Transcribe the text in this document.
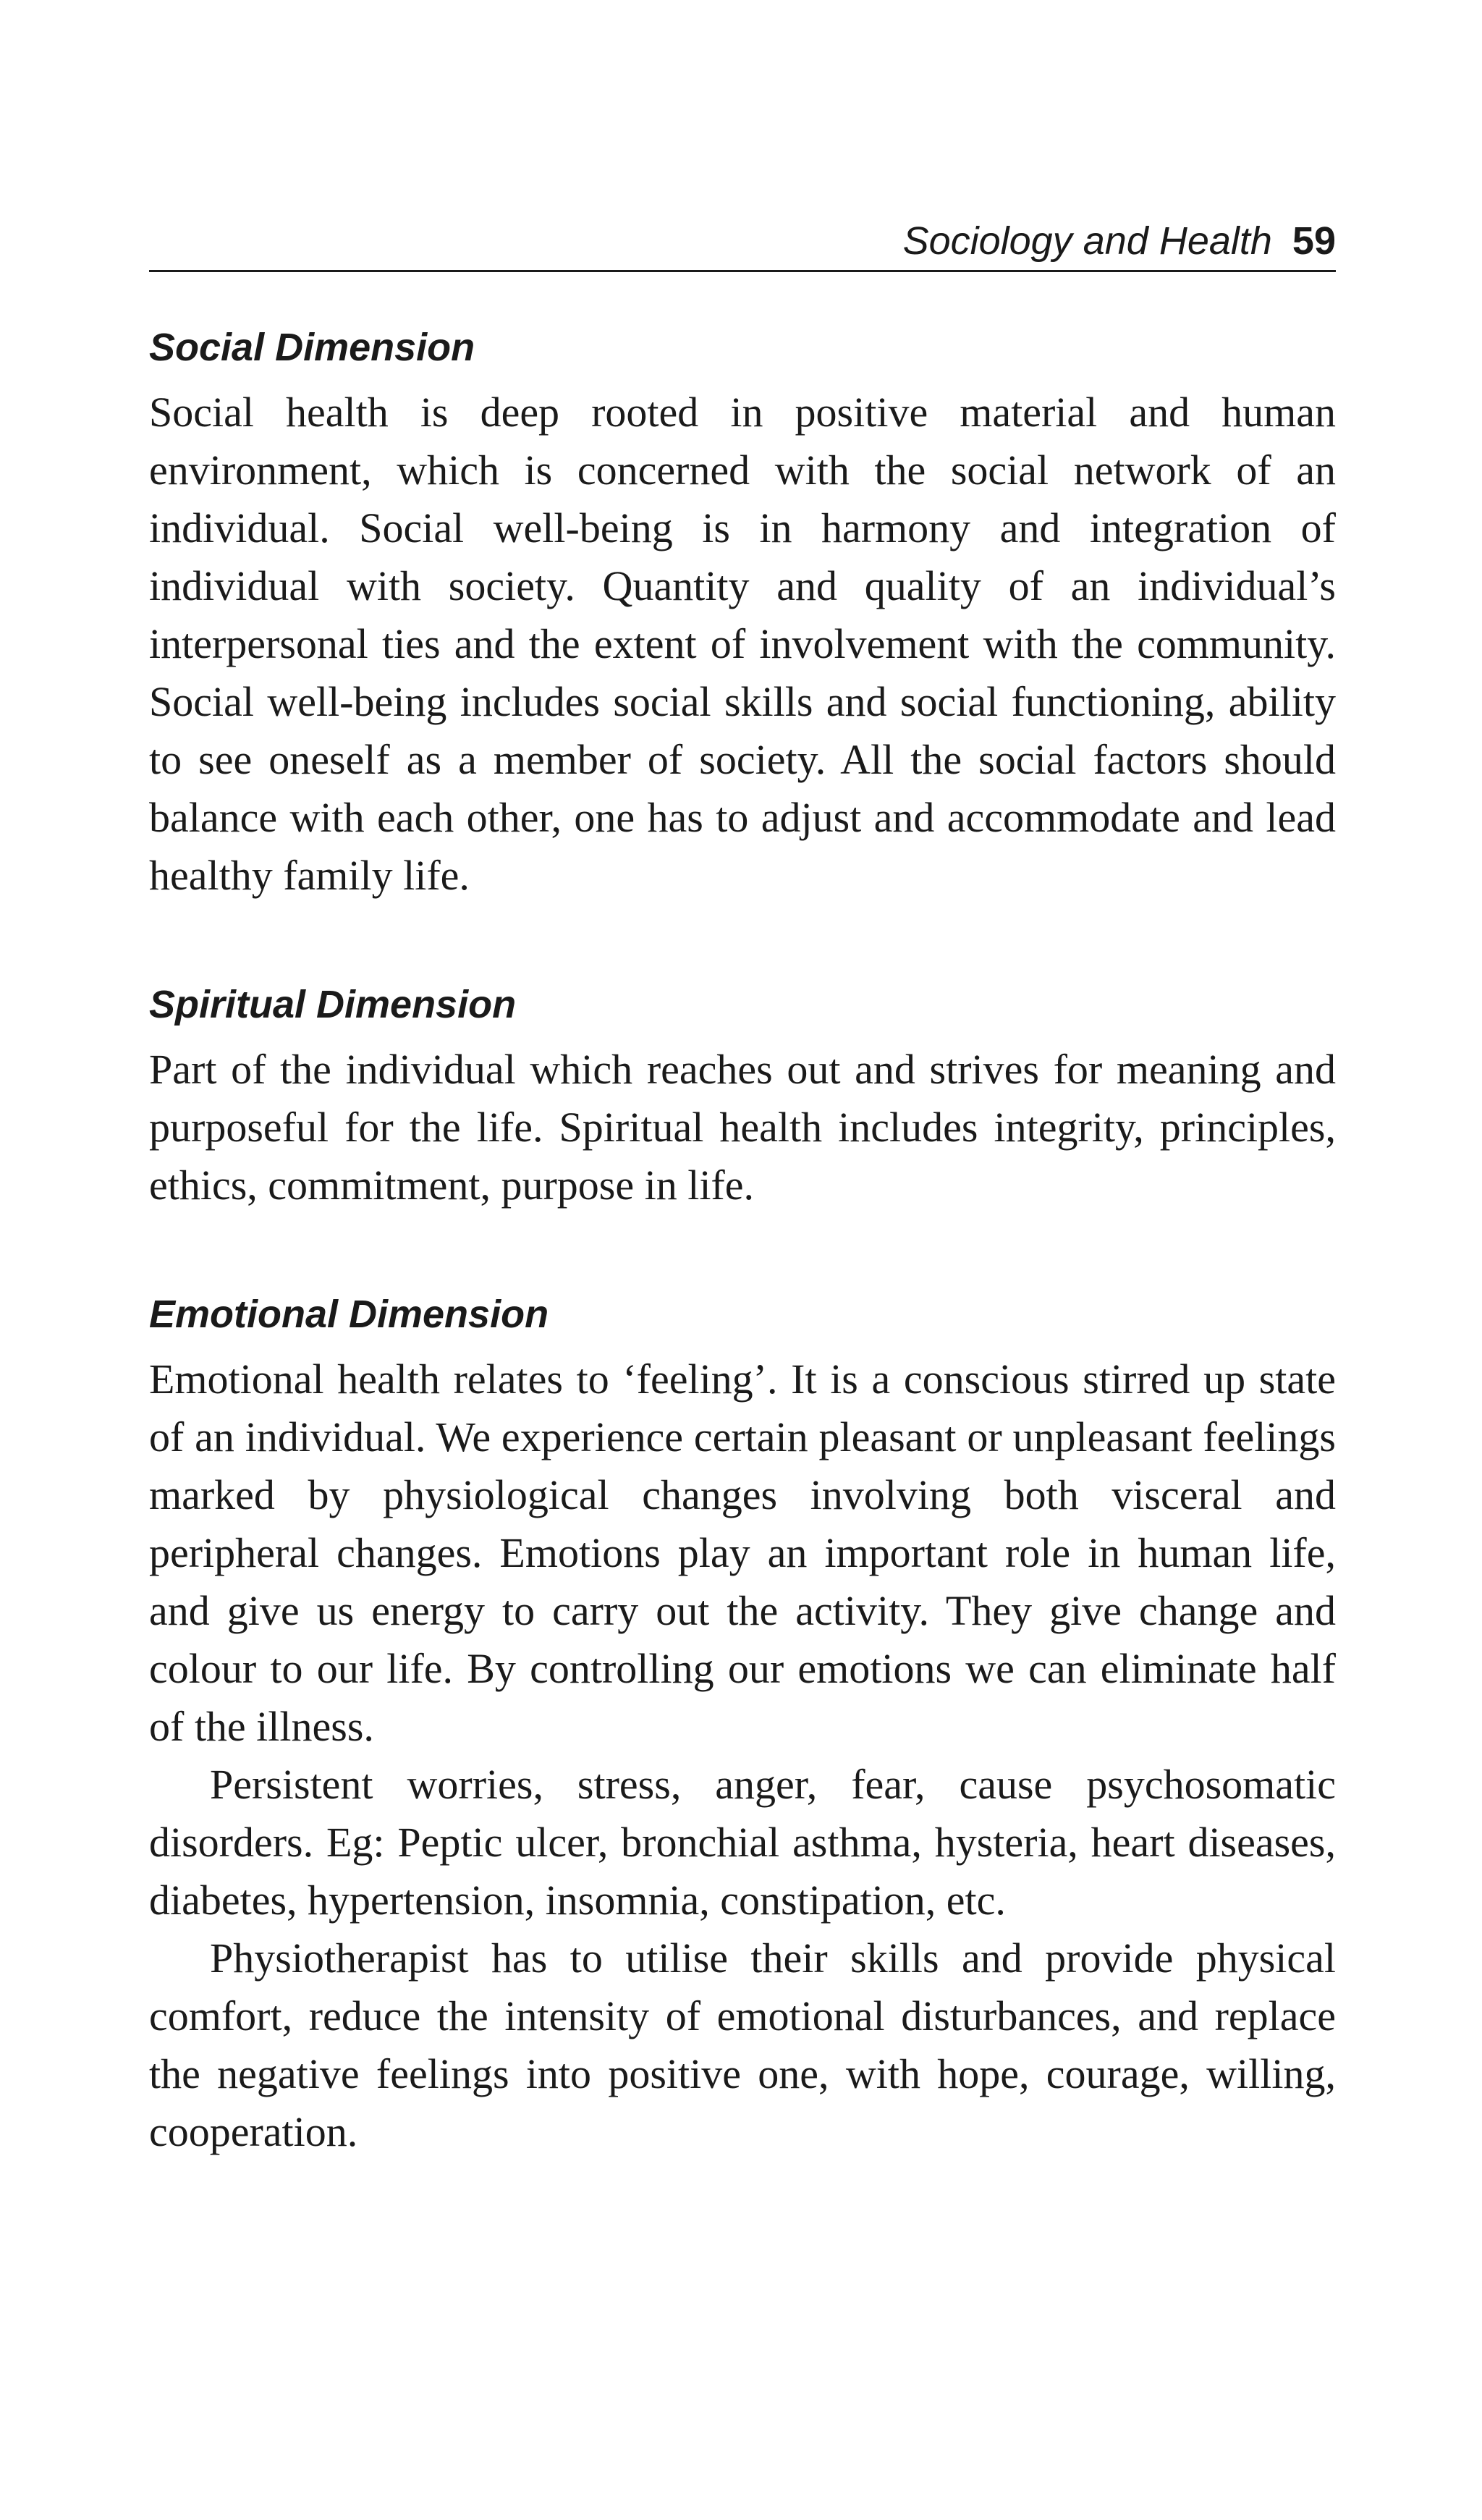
Sociology and Health 59
Social Dimension

Social health is deep rooted in positive material and human environment, which is concerned with the social network of an individual. Social well-being is in harmony and integration of individual with society. Quantity and quality of an individual’s interpersonal ties and the extent of involvement with the community. Social well-being includes social skills and social functioning, ability to see oneself as a member of society. All the social factors should balance with each other, one has to adjust and accommodate and lead healthy family life.

Spiritual Dimension

Part of the individual which reaches out and strives for meaning and purposeful for the life. Spiritual health includes integrity, principles, ethics, commitment, purpose in life.

Emotional Dimension

Emotional health relates to ‘feeling’. It is a conscious stirred up state of an individual. We experience certain pleasant or unpleasant feelings marked by physiological changes involving both visceral and peripheral changes. Emotions play an important role in human life, and give us energy to carry out the activity. They give change and colour to our life. By controlling our emotions we can eliminate half of the illness.

Persistent worries, stress, anger, fear, cause psychosomatic disorders. Eg: Peptic ulcer, bronchial asthma, hysteria, heart diseases, diabetes, hypertension, insomnia, constipation, etc.

Physiotherapist has to utilise their skills and provide physical comfort, reduce the intensity of emotional disturbances, and replace the negative feelings into positive one, with hope, courage, willing, cooperation.
